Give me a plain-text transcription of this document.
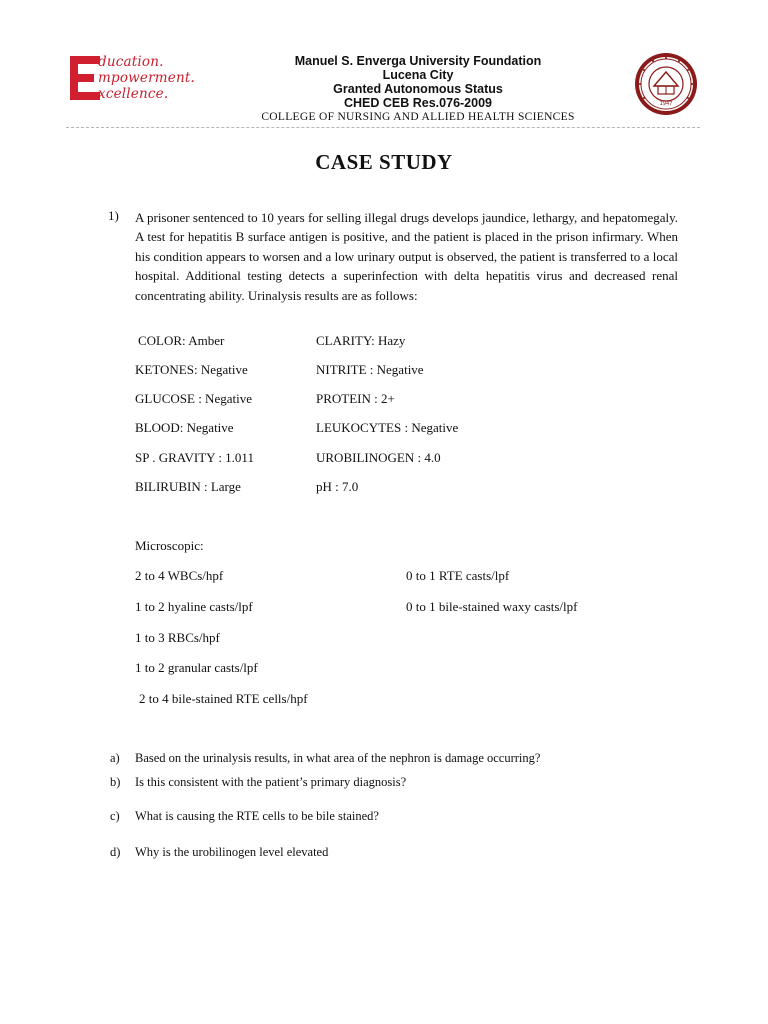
ducation.
mpowerment.
xcellence.
Manuel S. Enverga University Foundation
Lucena City
Granted Autonomous Status
CHED CEB Res.076-2009
COLLEGE OF NURSING AND ALLIED HEALTH SCIENCES
1947
CASE STUDY
1) A prisoner sentenced to 10 years for selling illegal drugs develops jaundice, lethargy, and hepatomegaly. A test for hepatitis B surface antigen is positive, and the patient is placed in the prison infirmary. When his condition appears to worsen and a low urinary output is observed, the patient is transferred to a local hospital. Additional testing detects a superinfection with delta hepatitis virus and decreased renal concentrating ability. Urinalysis results are as follows:
COLOR: Amber
KETONES: Negative
GLUCOSE : Negative
BLOOD: Negative
SP . GRAVITY : 1.011
BILIRUBIN : Large
CLARITY: Hazy
NITRITE : Negative
PROTEIN : 2+
LEUKOCYTES : Negative
UROBILINOGEN : 4.0
pH : 7.0
Microscopic:
2 to 4 WBCs/hpf
1 to 2 hyaline casts/lpf
1 to 3 RBCs/hpf
1 to 2 granular casts/lpf
2 to 4 bile-stained RTE cells/hpf
0 to 1 RTE casts/lpf
0 to 1 bile-stained waxy casts/lpf
a) Based on the urinalysis results, in what area of the nephron is damage occurring?
b) Is this consistent with the patient’s primary diagnosis?
c) What is causing the RTE cells to be bile stained?
d) Why is the urobilinogen level elevated
